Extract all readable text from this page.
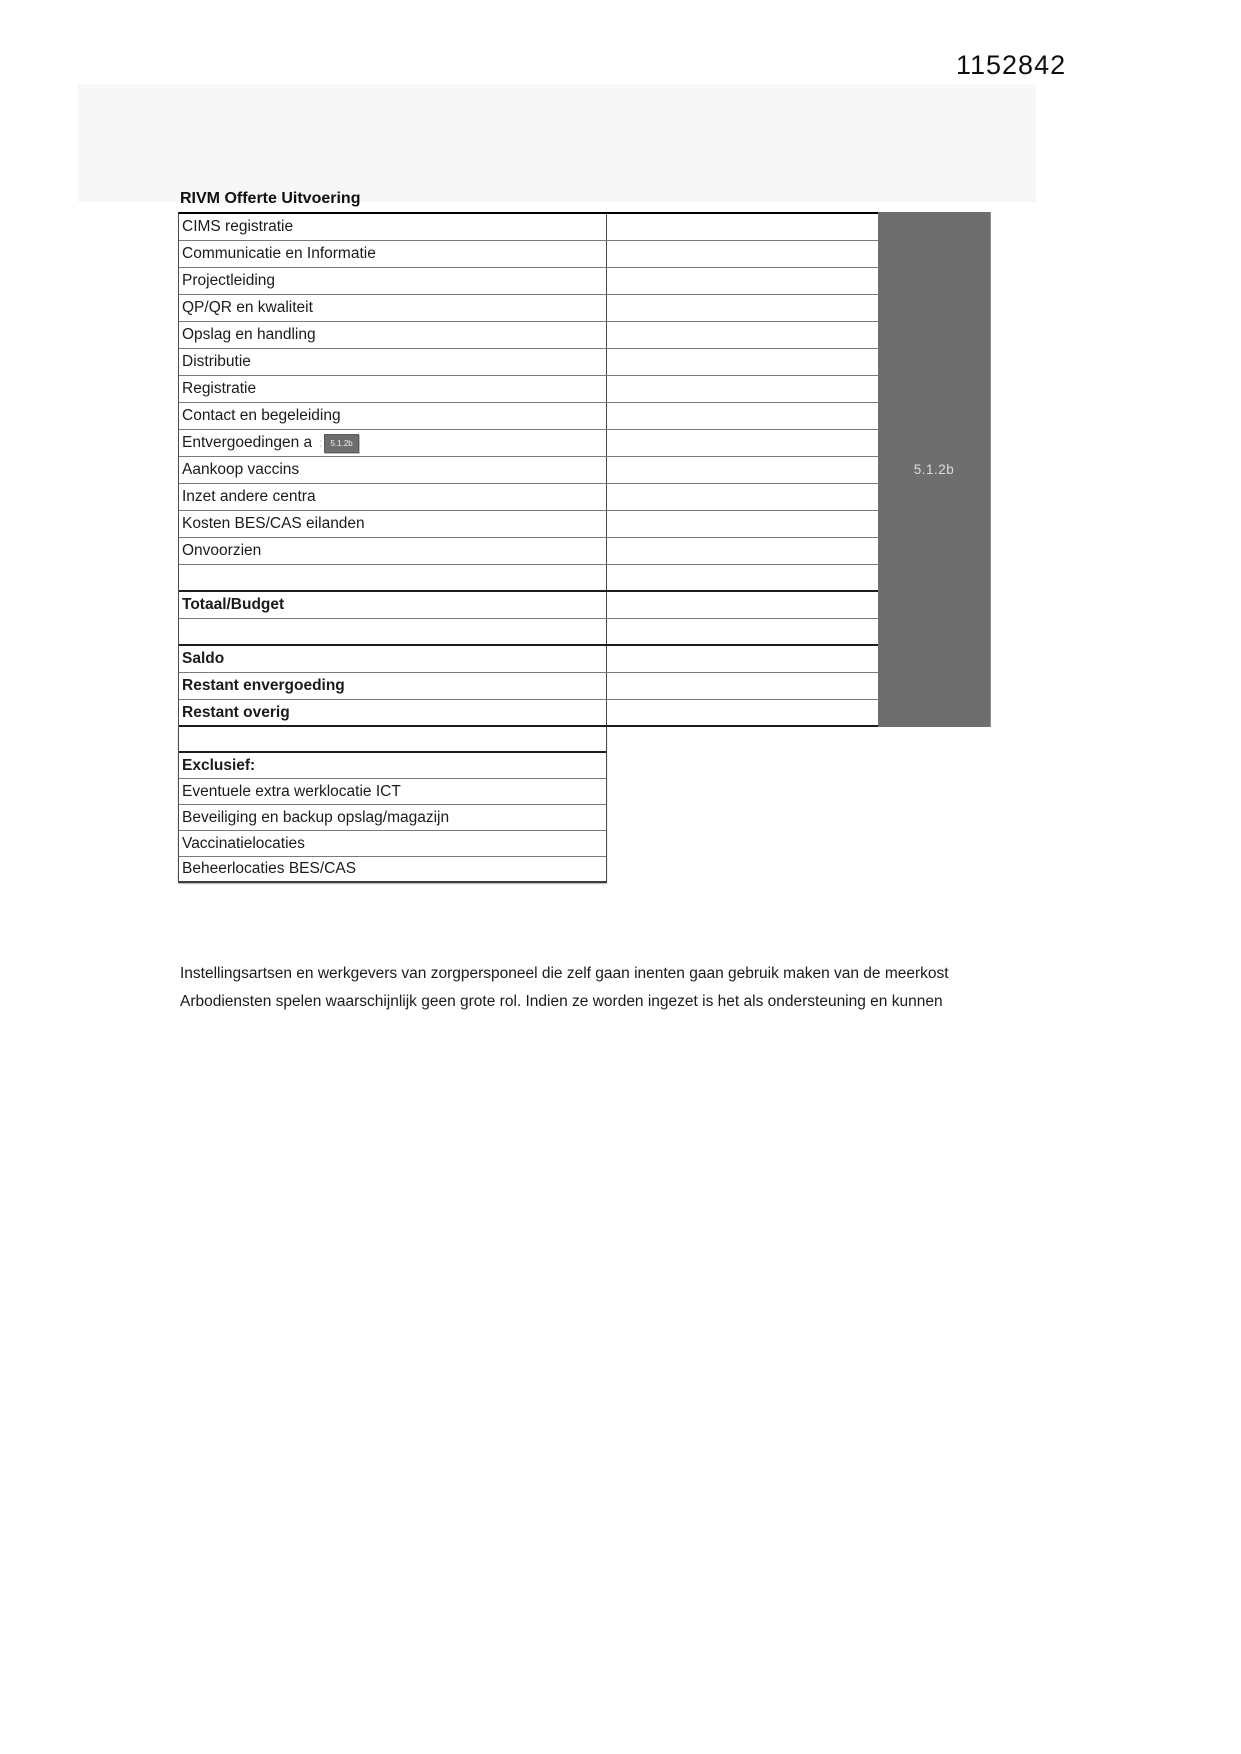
1152842
RIVM Offerte Uitvoering
CIMS registratie
Communicatie en Informatie
Projectleiding
QP/QR en kwaliteit
Opslag en handling
Distributie
Registratie
Contact en begeleiding
Entvergoedingen a :	5.1.2b
Aankoop vaccins
Inzet andere centra
Kosten BES/CAS eilanden
Onvoorzien
Totaal/Budget
Saldo
Restant envergoeding
Restant overig
Exclusief:
Eventuele extra werklocatie ICT
Beveiliging en backup opslag/magazijn
Vaccinatielocaties
Beheerlocaties BES/CAS
5.1.2b
Instellingsartsen en werkgevers van zorgpersponeel die zelf gaan inenten gaan gebruik maken van de meerkost
Arbodiensten spelen waarschijnlijk geen grote rol. Indien ze worden ingezet is het als ondersteuning en kunnen
